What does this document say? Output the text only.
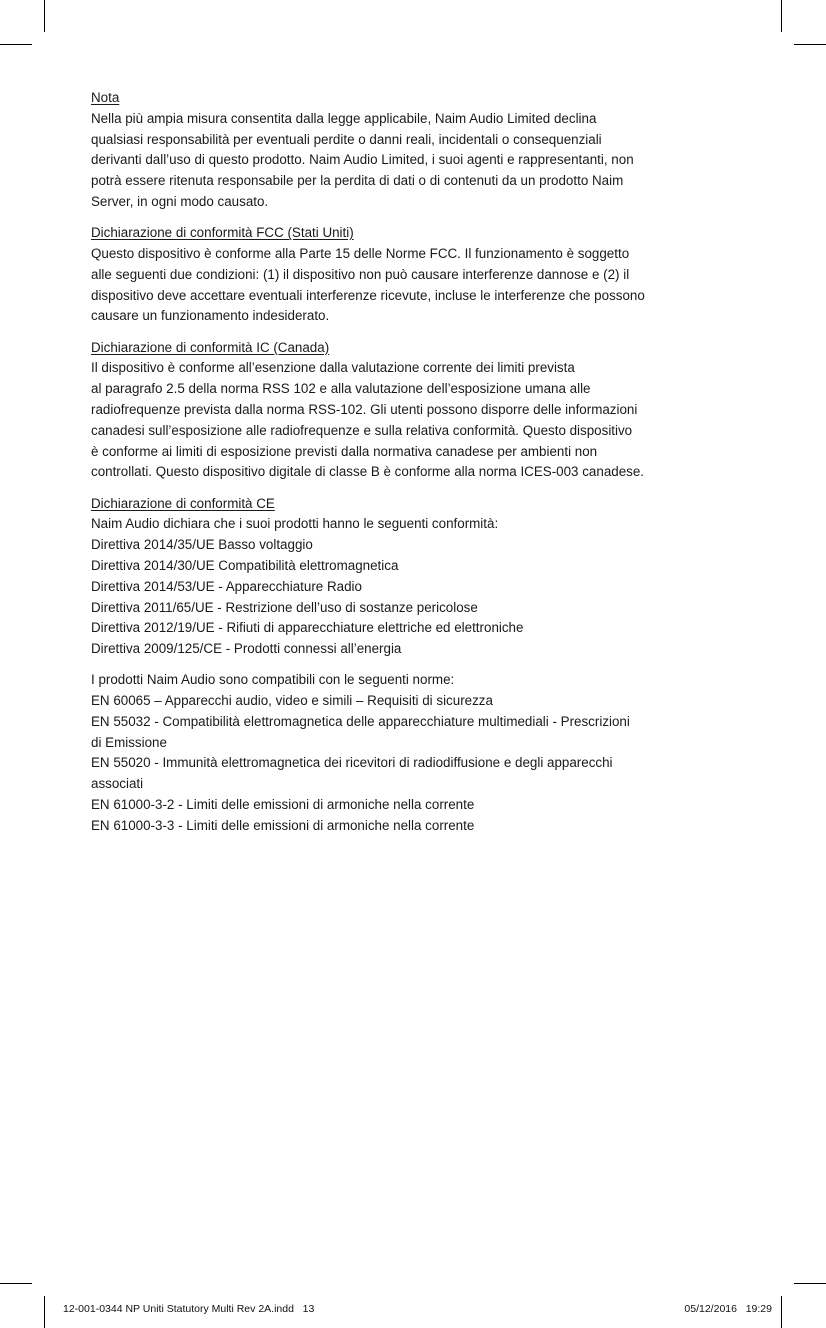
Nota
Nella più ampia misura consentita dalla legge applicabile, Naim Audio Limited declina
qualsiasi responsabilità per eventuali perdite o danni reali, incidentali o consequenziali
derivanti dall’uso di questo prodotto. Naim Audio Limited, i suoi agenti e rappresentanti, non
potrà essere ritenuta responsabile per la perdita di dati o di contenuti da un prodotto Naim
Server, in ogni modo causato.
Dichiarazione di conformità FCC (Stati Uniti)
Questo dispositivo è conforme alla Parte 15 delle Norme FCC. Il funzionamento è soggetto
alle seguenti due condizioni: (1) il dispositivo non può causare interferenze dannose e (2) il
dispositivo deve accettare eventuali interferenze ricevute, incluse le interferenze che possono
causare un funzionamento indesiderato.
Dichiarazione di conformità IC (Canada)
Il dispositivo è conforme all’esenzione dalla valutazione corrente dei limiti prevista
al paragrafo 2.5 della norma RSS 102 e alla valutazione dell’esposizione umana alle
radiofrequenze prevista dalla norma RSS-102. Gli utenti possono disporre delle informazioni
canadesi sull’esposizione alle radiofrequenze e sulla relativa conformità. Questo dispositivo
è conforme ai limiti di esposizione previsti dalla normativa canadese per ambienti non
controllati. Questo dispositivo digitale di classe B è conforme alla norma ICES-003 canadese.
Dichiarazione di conformità CE
Naim Audio dichiara che i suoi prodotti hanno le seguenti conformità:
Direttiva 2014/35/UE Basso voltaggio
Direttiva 2014/30/UE Compatibilità elettromagnetica
Direttiva 2014/53/UE - Apparecchiature Radio
Direttiva 2011/65/UE - Restrizione dell’uso di sostanze pericolose
Direttiva 2012/19/UE - Rifiuti di apparecchiature elettriche ed elettroniche
Direttiva 2009/125/CE - Prodotti connessi all’energia
I prodotti Naim Audio sono compatibili con le seguenti norme:
EN 60065 – Apparecchi audio, video e simili – Requisiti di sicurezza
EN 55032 - Compatibilità elettromagnetica delle apparecchiature multimediali - Prescrizioni
di Emissione
EN 55020 - Immunità elettromagnetica dei ricevitori di radiodiffusione e degli apparecchi
associati
EN 61000-3-2 - Limiti delle emissioni di armoniche nella corrente
EN 61000-3-3 - Limiti delle emissioni di armoniche nella corrente
12-001-0344 NP Uniti Statutory Multi Rev 2A.indd   13	05/12/2016   19:29
